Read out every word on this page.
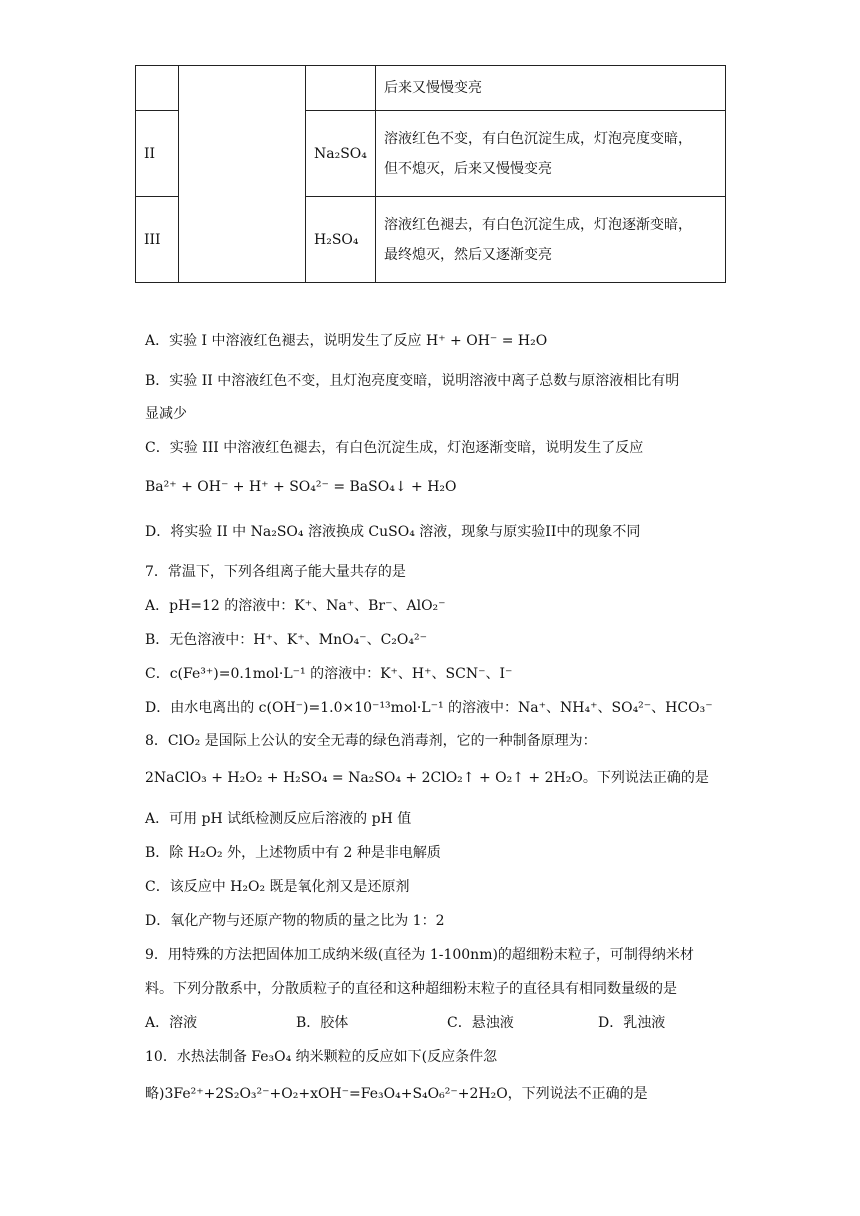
			后来又慢慢变亮
II		Na₂SO₄	溶液红色不变，有白色沉淀生成，灯泡亮度变暗，
但不熄灭，后来又慢慢变亮

III		H₂SO₄	溶液红色褪去，有白色沉淀生成，灯泡逐渐变暗，
最终熄灭，然后又逐渐变亮
A．实验 I 中溶液红色褪去，说明发生了反应 H⁺ + OH⁻ = H₂O
B．实验 II 中溶液红色不变，且灯泡亮度变暗，说明溶液中离子总数与原溶液相比有明
显减少
C．实验 III 中溶液红色褪去，有白色沉淀生成，灯泡逐渐变暗，说明发生了反应
Ba²⁺ + OH⁻ + H⁺ + SO₄²⁻ = BaSO₄↓ + H₂O
D．将实验 II 中 Na₂SO₄ 溶液换成 CuSO₄ 溶液，现象与原实验II中的现象不同
7．常温下，下列各组离子能大量共存的是
A．pH=12 的溶液中：K⁺、Na⁺、Br⁻、AlO₂⁻
B．无色溶液中：H⁺、K⁺、MnO₄⁻、C₂O₄²⁻
C．c(Fe³⁺)=0.1mol·L⁻¹ 的溶液中：K⁺、H⁺、SCN⁻、I⁻
D．由水电离出的 c(OH⁻)=1.0×10⁻¹³mol·L⁻¹ 的溶液中：Na⁺、NH₄⁺、SO₄²⁻、HCO₃⁻
8．ClO₂ 是国际上公认的安全无毒的绿色消毒剂，它的一种制备原理为：
2NaClO₃ + H₂O₂ + H₂SO₄ = Na₂SO₄ + 2ClO₂↑ + O₂↑ + 2H₂O。下列说法正确的是
A．可用 pH 试纸检测反应后溶液的 pH 值
B．除 H₂O₂ 外，上述物质中有 2 种是非电解质
C．该反应中 H₂O₂ 既是氧化剂又是还原剂
D．氧化产物与还原产物的物质的量之比为 1：2
9．用特殊的方法把固体加工成纳米级(直径为 1-100nm)的超细粉末粒子，可制得纳米材
料。下列分散系中，分散质粒子的直径和这种超细粉末粒子的直径具有相同数量级的是
A．溶液	B．胶体	C．悬浊液	D．乳浊液
10．水热法制备 Fe₃O₄ 纳米颗粒的反应如下(反应条件忽
略)3Fe²⁺+2S₂O₃²⁻+O₂+xOH⁻=Fe₃O₄+S₄O₆²⁻+2H₂O，下列说法不正确的是
